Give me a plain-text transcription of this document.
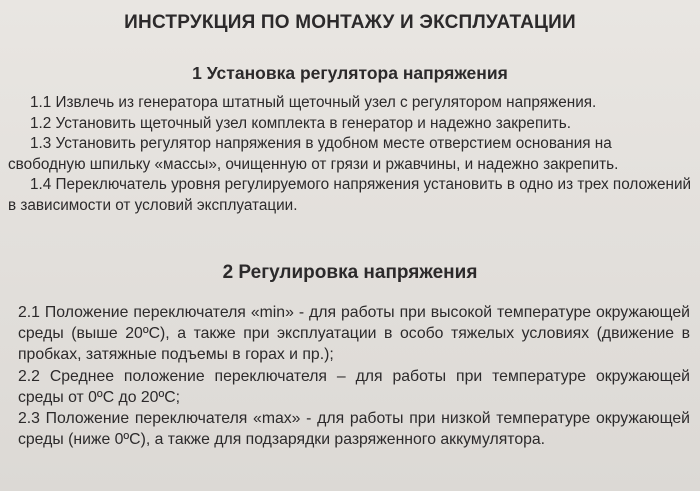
ИНСТРУКЦИЯ ПО МОНТАЖУ И ЭКСПЛУАТАЦИИ
1 Установка регулятора напряжения

1.1 Извлечь из генератора штатный щеточный узел с регулятором напряжения.

1.2 Установить щеточный узел комплекта в генератор и надежно закрепить.

1.3 Установить регулятор напряжения в удобном месте отверстием основания на свободную шпильку «массы», очищенную от грязи и ржавчины, и надежно закрепить.

1.4 Переключатель уровня регулируемого напряжения установить в одно из трех положений в зависимости от условий эксплуатации.

2 Регулировка напряжения

2.1 Положение переключателя «min» - для работы при высокой температуре окружающей среды (выше 20ºC), а также при эксплуатации в особо тяжелых условиях (движение в пробках, затяжные подъемы в горах и пр.);

2.2 Среднее положение переключателя – для работы при температуре окружающей среды от 0ºC до 20ºC;

2.3 Положение переключателя «max» - для работы при низкой температуре окружающей среды (ниже 0ºC), а также для подзарядки разряженного аккумулятора.
